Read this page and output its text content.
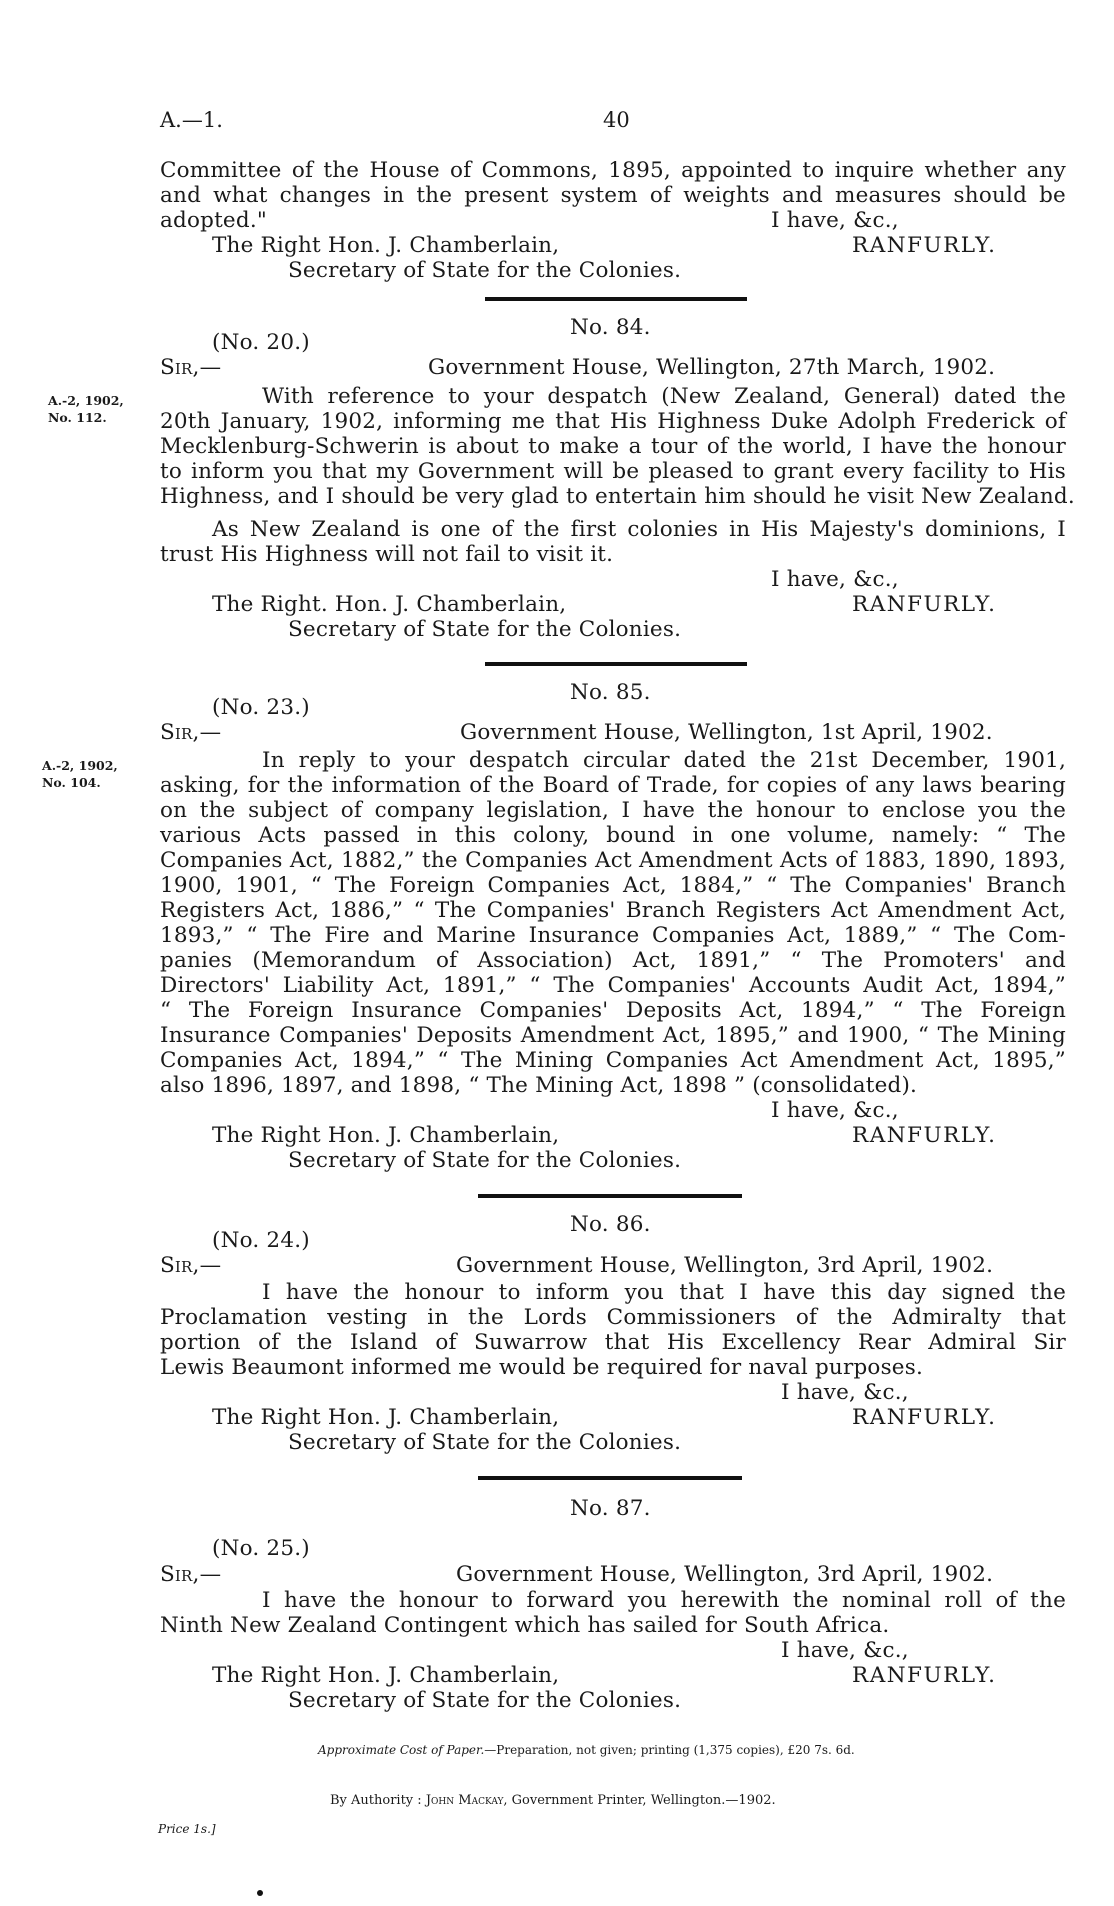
A.—1.	40
Committee of the House of Commons, 1895, appointed to inquire whether any
and what changes in the present system of weights and measures should be
adopted."	I have, &c.,
The Right Hon. J. Chamberlain,	RANFURLY.
Secretary of State for the Colonies.
No. 84.
(No. 20.)
Sir,—	Government House, Wellington, 27th March, 1902.
A.-2, 1902,
No. 112.
With reference to your despatch (New Zealand, General) dated the
20th January, 1902, informing me that His Highness Duke Adolph Frederick of
Mecklenburg-Schwerin is about to make a tour of the world, I have the honour
to inform you that my Government will be pleased to grant every facility to His
Highness, and I should be very glad to entertain him should he visit New Zealand.
As New Zealand is one of the first colonies in His Majesty's dominions, I
trust His Highness will not fail to visit it.
I have, &c.,
The Right. Hon. J. Chamberlain,	RANFURLY.
Secretary of State for the Colonies.
No. 85.
(No. 23.)
Sir,—	Government House, Wellington, 1st April, 1902.
A.-2, 1902,
No. 104.
In reply to your despatch circular dated the 21st December, 1901,
asking, for the information of the Board of Trade, for copies of any laws bearing
on the subject of company legislation, I have the honour to enclose you the
various Acts passed in this colony, bound in one volume, namely: “ The
Companies Act, 1882,” the Companies Act Amendment Acts of 1883, 1890, 1893,
1900, 1901, “ The Foreign Companies Act, 1884,” “ The Companies' Branch
Registers Act, 1886,” “ The Companies' Branch Registers Act Amendment Act,
1893,” “ The Fire and Marine Insurance Companies Act, 1889,” “ The Com-
panies (Memorandum of Association) Act, 1891,” “ The Promoters' and
Directors' Liability Act, 1891,” “ The Companies' Accounts Audit Act, 1894,”
“ The Foreign Insurance Companies' Deposits Act, 1894,” “ The Foreign
Insurance Companies' Deposits Amendment Act, 1895,” and 1900, “ The Mining
Companies Act, 1894,” “ The Mining Companies Act Amendment Act, 1895,”
also 1896, 1897, and 1898, “ The Mining Act, 1898 ” (consolidated).
I have, &c.,
The Right Hon. J. Chamberlain,	RANFURLY.
Secretary of State for the Colonies.
No. 86.
(No. 24.)
Sir,—	Government House, Wellington, 3rd April, 1902.
I have the honour to inform you that I have this day signed the
Proclamation vesting in the Lords Commissioners of the Admiralty that
portion of the Island of Suwarrow that His Excellency Rear Admiral Sir
Lewis Beaumont informed me would be required for naval purposes.
I have, &c.,
The Right Hon. J. Chamberlain,	RANFURLY.
Secretary of State for the Colonies.
No. 87.
(No. 25.)
Sir,—	Government House, Wellington, 3rd April, 1902.
I have the honour to forward you herewith the nominal roll of the
Ninth New Zealand Contingent which has sailed for South Africa.
I have, &c.,
The Right Hon. J. Chamberlain,	RANFURLY.
Secretary of State for the Colonies.
Approximate Cost of Paper.—Preparation, not given; printing (1,375 copies), £20 7s. 6d.
By Authority : John Mackay, Government Printer, Wellington.—1902.
Price 1s.]
